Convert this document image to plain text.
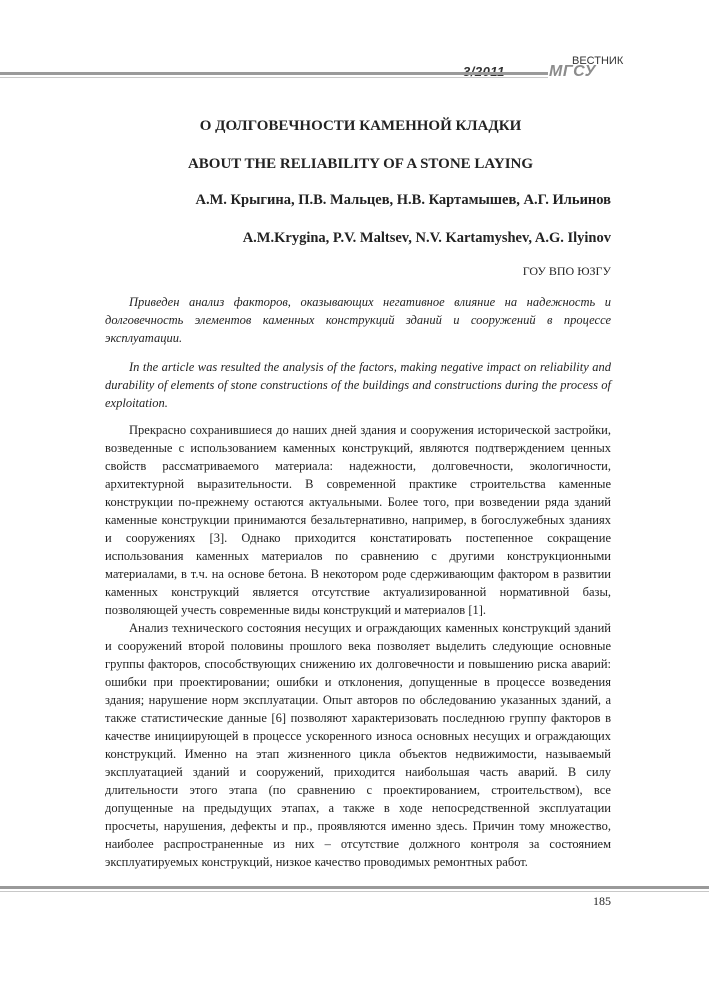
ВЕСТНИК
МГСУ
О ДОЛГОВЕЧНОСТИ КАМЕННОЙ КЛАДКИ
ABOUT THE RELIABILITY OF A STONE LAYING
А.М. Крыгина, П.В. Мальцев, Н.В. Картамышев, А.Г. Ильинов
A.M.Krygina, P.V. Maltsev, N.V. Kartamyshev, A.G. Ilyinov
ГОУ ВПО ЮЗГУ

Приведен анализ факторов, оказывающих негативное влияние на надежность и долговечность элементов каменных конструкций зданий и сооружений в процессе эксплуатации.

In the article was resulted the analysis of the factors, making negative impact on reliability and durability of elements of stone constructions of the buildings and constructions during the process of exploitation.

Прекрасно сохранившиеся до наших дней здания и сооружения исторической застройки, возведенные с использованием каменных конструкций, являются подтверждением ценных свойств рассматриваемого материала: надежности, долговечности, экологичности, архитектурной выразительности. В современной практике строительства каменные конструкции по-прежнему остаются актуальными. Более того, при возведении ряда зданий каменные конструкции принимаются безальтернативно, например, в богослужебных зданиях и сооружениях [3]. Однако приходится констатировать постепенное сокращение использования каменных материалов по сравнению с другими конструкционными материалами, в т.ч. на основе бетона. В некотором роде сдерживающим фактором в развитии каменных конструкций является отсутствие актуализированной нормативной базы, позволяющей учесть современные виды конструкций и материалов [1].

Анализ технического состояния несущих и ограждающих каменных конструкций зданий и сооружений второй половины прошлого века позволяет выделить следующие основные группы факторов, способствующих снижению их долговечности и повышению риска аварий: ошибки при проектировании; ошибки и отклонения, допущенные в процессе возведения здания; нарушение норм эксплуатации. Опыт авторов по обследованию указанных зданий, а также статистические данные [6] позволяют характеризовать последнюю группу факторов в качестве инициирующей в процессе ускоренного износа основных несущих и ограждающих конструкций. Именно на этап жизненного цикла объектов недвижимости, называемый эксплуатацией зданий и сооружений, приходится наибольшая часть аварий. В силу длительности этого этапа (по сравнению с проектированием, строительством), все допущенные на предыдущих этапах, а также в ходе непосредственной эксплуатации просчеты, нарушения, дефекты и пр., проявляются именно здесь. Причин тому множество, наиболее распространенные из них – отсутствие должного контроля за состоянием эксплуатируемых конструкций, низкое качество проводимых ремонтных работ.

185
